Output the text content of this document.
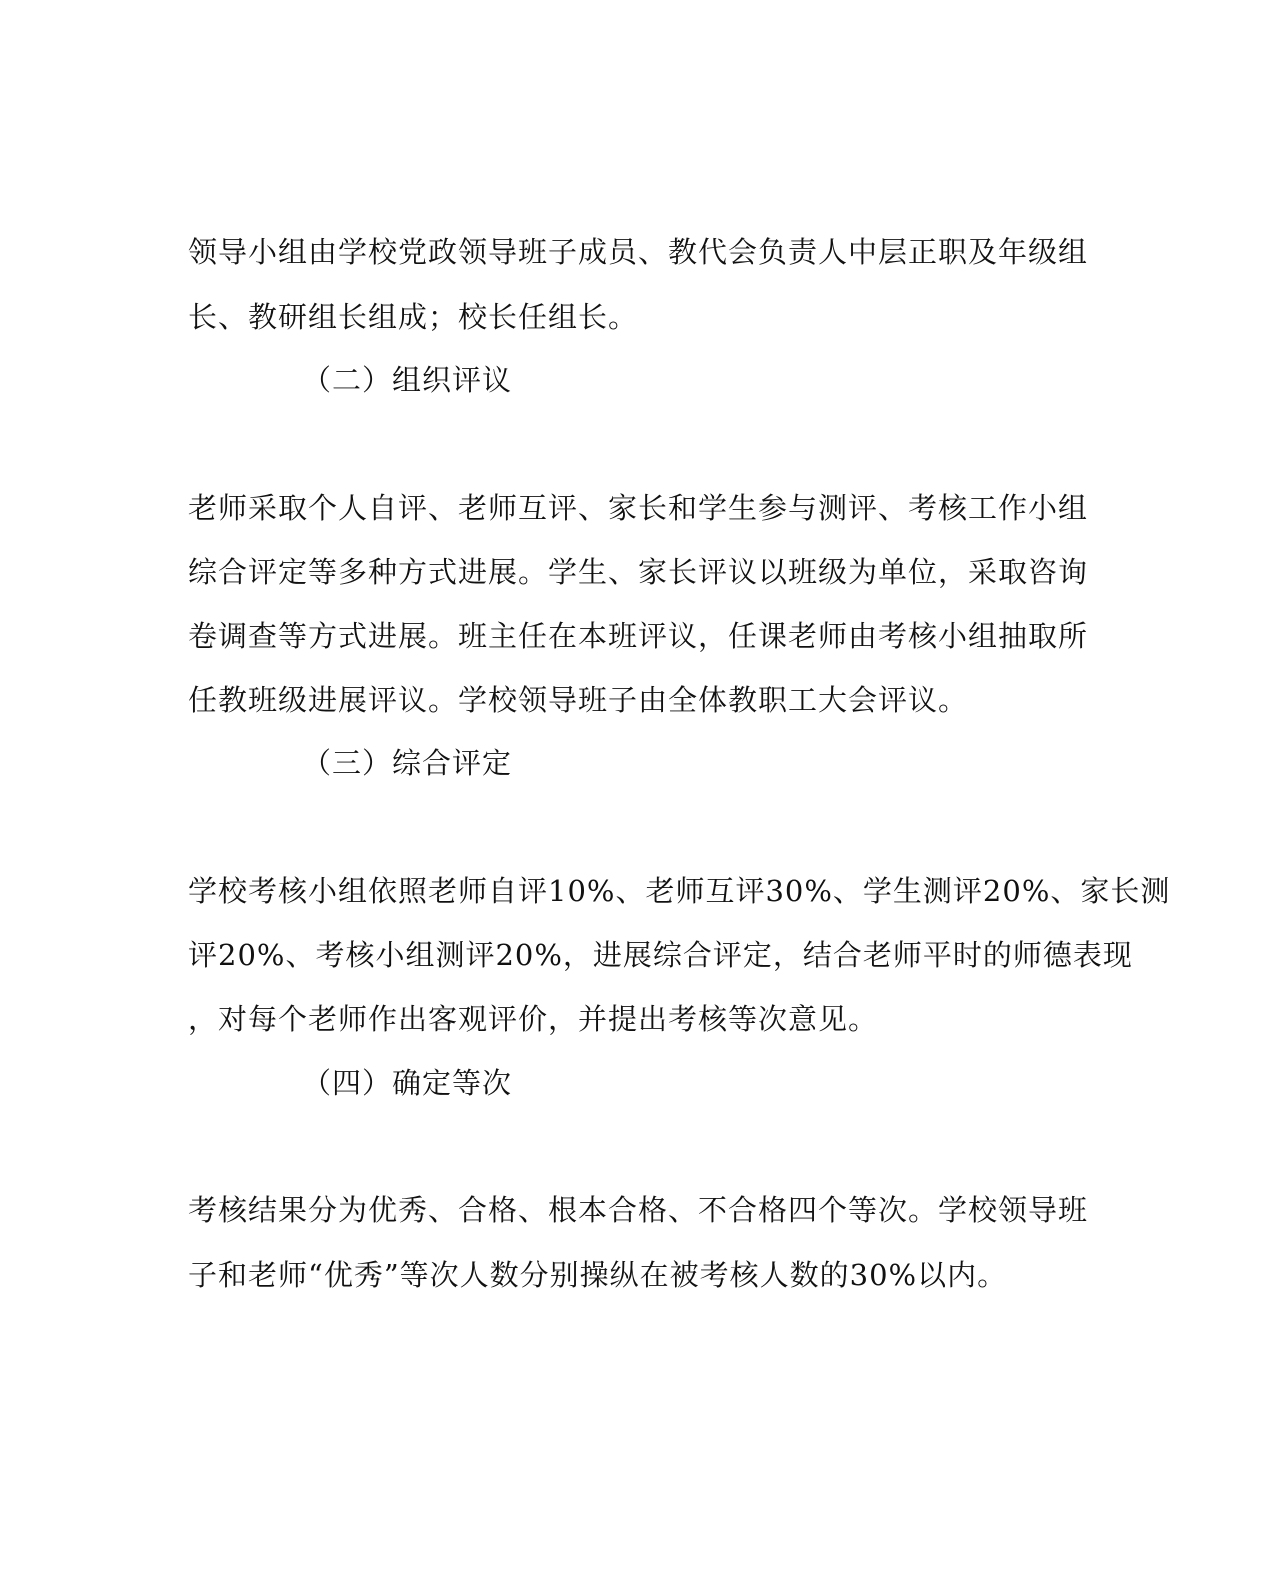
领导小组由学校党政领导班子成员、教代会负责人中层正职及年级组
长、教研组长组成；校长任组长。
（二）组织评议
老师采取个人自评、老师互评、家长和学生参与测评、考核工作小组
综合评定等多种方式进展。学生、家长评议以班级为单位，采取咨询
卷调查等方式进展。班主任在本班评议，任课老师由考核小组抽取所
任教班级进展评议。学校领导班子由全体教职工大会评议。
（三）综合评定
学校考核小组依照老师自评10%、老师互评30%、学生测评20%、家长测
评20%、考核小组测评20%，进展综合评定，结合老师平时的师德表现
，对每个老师作出客观评价，并提出考核等次意见。
（四）确定等次
考核结果分为优秀、合格、根本合格、不合格四个等次。学校领导班
子和老师“优秀”等次人数分别操纵在被考核人数的30%以内。
